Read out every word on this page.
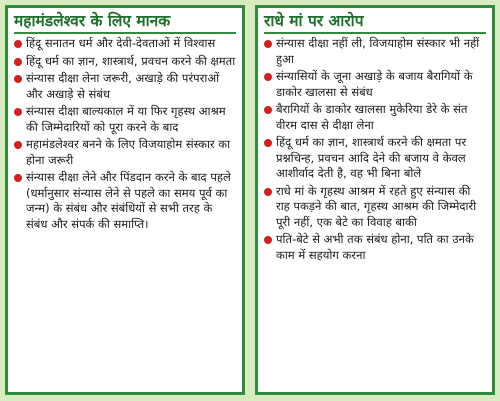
महामंडलेश्वर के लिए मानक
हिंदू सनातन धर्म और देवी-देवताओं में विश्वास
हिंदू धर्म का ज्ञान, शास्त्रार्थ, प्रवचन करने की क्षमता
संन्यास दीक्षा लेना जरूरी, अखाड़े की परंपराओं और अखाड़े से संबंध
संन्यास दीक्षा बाल्यकाल में या फिर गृहस्थ आश्रम की जिम्मेदारियों को पूरा करने के बाद
महामंडलेश्वर बनने के लिए विजयाहोम संस्कार का होना जरूरी
संन्यास दीक्षा लेने और पिंडदान करने के बाद पहले (धर्मानुसार संन्यास लेने से पहले का समय पूर्व का जन्म) के संबंध और संबंधियों से सभी तरह के संबंध और संपर्क की समाप्ति।
राधे मां पर आरोप
संन्यास दीक्षा नहीं ली, विजयाहोम संस्कार भी नहीं हुआ
संन्यासियों के जूना अखाड़े के बजाय बैरागियों के डाकोर खालसा से संबंध
बैरागियों के डाकोर खालसा मुकेरिया डेरे के संत वीरम दास से दीक्षा लेना
हिंदू धर्म का ज्ञान, शास्त्रार्थ करने की क्षमता पर प्रश्नचिन्ह, प्रवचन आदि देने की बजाय वे केवल आशीर्वाद देती है, वह भी बिना बोले
राधे मां के गृहस्थ आश्रम में रहते हुए संन्यास की राह पकड़ने की बात, गृहस्थ आश्रम की जिम्मेदारी पूरी नहीं, एक बेटे का विवाह बाकी
पति-बेटे से अभी तक संबंध होना, पति का उनके काम में सहयोग करना
